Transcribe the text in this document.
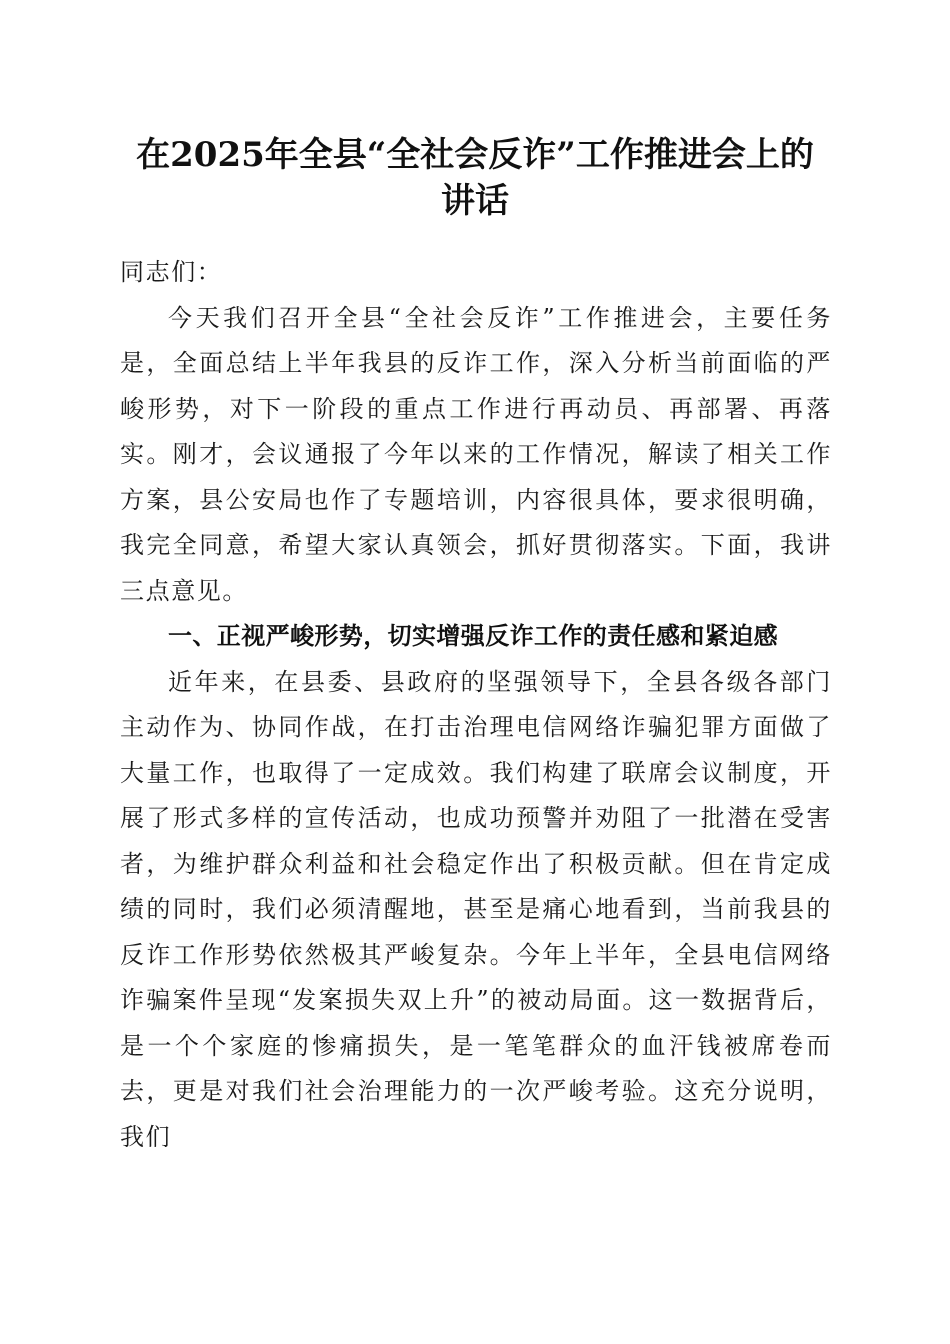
在2025年全县“全社会反诈”工作推进会上的讲话

同志们：

今天我们召开全县“全社会反诈”工作推进会，主要任务是，全面总结上半年我县的反诈工作，深入分析当前面临的严峻形势，对下一阶段的重点工作进行再动员、再部署、再落实。刚才，会议通报了今年以来的工作情况，解读了相关工作方案，县公安局也作了专题培训，内容很具体，要求很明确，我完全同意，希望大家认真领会，抓好贯彻落实。下面，我讲三点意见。

一、正视严峻形势，切实增强反诈工作的责任感和紧迫感

近年来，在县委、县政府的坚强领导下，全县各级各部门主动作为、协同作战，在打击治理电信网络诈骗犯罪方面做了大量工作，也取得了一定成效。我们构建了联席会议制度，开展了形式多样的宣传活动，也成功预警并劝阻了一批潜在受害者，为维护群众利益和社会稳定作出了积极贡献。但在肯定成绩的同时，我们必须清醒地，甚至是痛心地看到，当前我县的反诈工作形势依然极其严峻复杂。今年上半年，全县电信网络诈骗案件呈现“发案损失双上升”的被动局面。这一数据背后，是一个个家庭的惨痛损失，是一笔笔群众的血汗钱被席卷而去，更是对我们社会治理能力的一次严峻考验。这充分说明，我们
